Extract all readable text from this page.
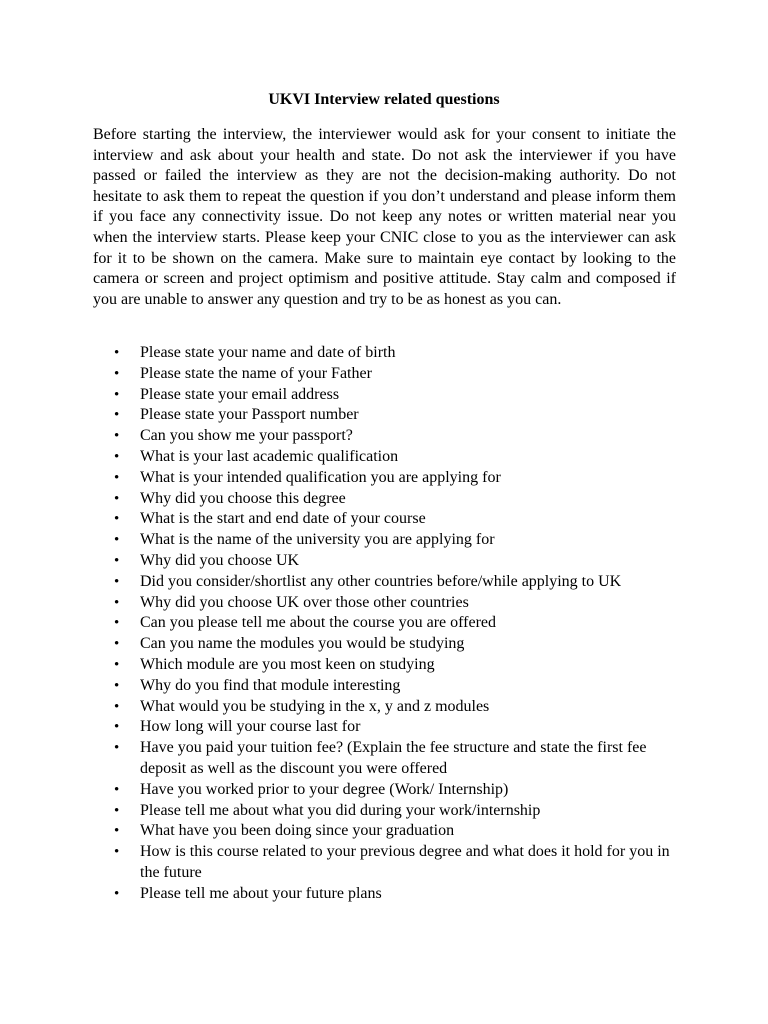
UKVI Interview related questions

Before starting the interview, the interviewer would ask for your consent to initiate the interview and ask about your health and state. Do not ask the interviewer if you have passed or failed the interview as they are not the decision-making authority. Do not hesitate to ask them to repeat the question if you don’t understand and please inform them if you face any connectivity issue. Do not keep any notes or written material near you when the interview starts. Please keep your CNIC close to you as the interviewer can ask for it to be shown on the camera. Make sure to maintain eye contact by looking to the camera or screen and project optimism and positive attitude. Stay calm and composed if you are unable to answer any question and try to be as honest as you can.

• Please state your name and date of birth
• Please state the name of your Father
• Please state your email address
• Please state your Passport number
• Can you show me your passport?
• What is your last academic qualification
• What is your intended qualification you are applying for
• Why did you choose this degree
• What is the start and end date of your course
• What is the name of the university you are applying for
• Why did you choose UK
• Did you consider/shortlist any other countries before/while applying to UK
• Why did you choose UK over those other countries
• Can you please tell me about the course you are offered
• Can you name the modules you would be studying
• Which module are you most keen on studying
• Why do you find that module interesting
• What would you be studying in the x, y and z modules
• How long will your course last for
• Have you paid your tuition fee? (Explain the fee structure and state the first fee deposit as well as the discount you were offered
• Have you worked prior to your degree (Work/ Internship)
• Please tell me about what you did during your work/internship
• What have you been doing since your graduation
• How is this course related to your previous degree and what does it hold for you in the future
• Please tell me about your future plans
